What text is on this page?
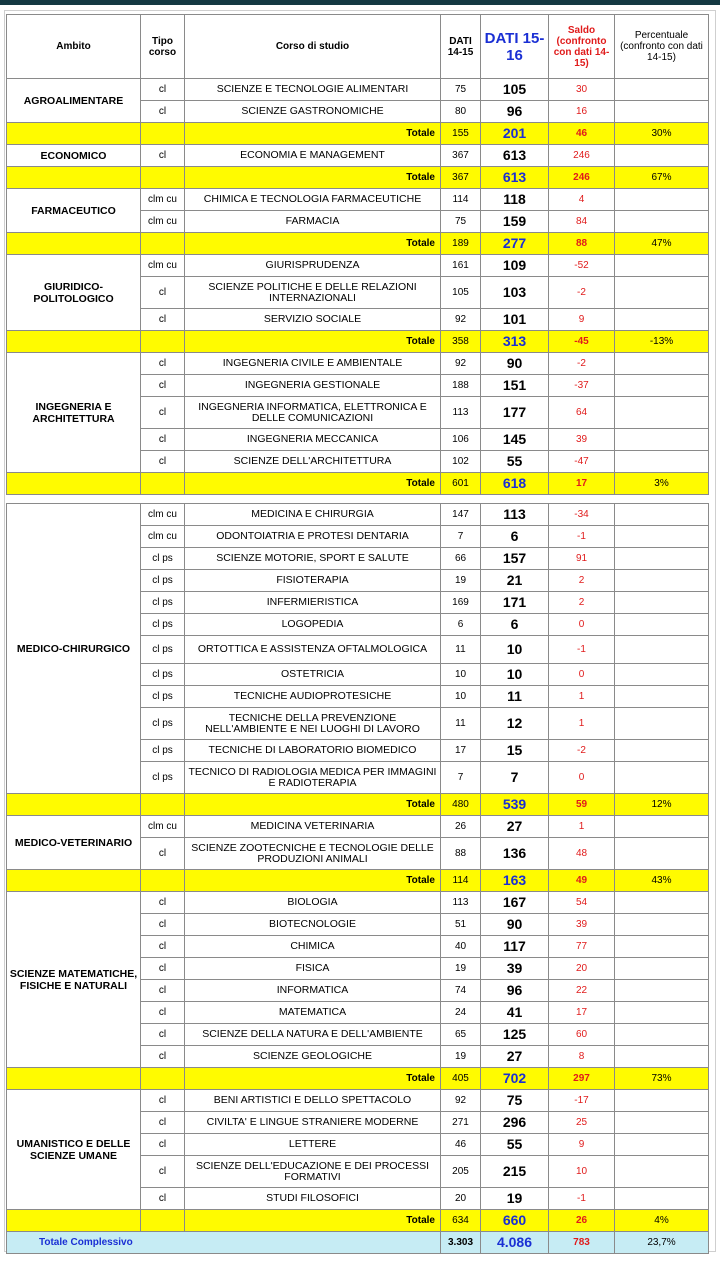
Ambito	Tipo corso	Corso di studio	DATI 14-15	DATI 15-16	Saldo (confronto con dati 14-15)	Percentuale (confronto con dati 14-15)
AGROALIMENTARE	cl	SCIENZE E TECNOLOGIE ALIMENTARI	75	105	30	
	cl	SCIENZE GASTRONOMICHE	80	96	16	
		Totale	155	201	46	30%
ECONOMICO	cl	ECONOMIA E MANAGEMENT	367	613	246	
		Totale	367	613	246	67%
FARMACEUTICO	clm cu	CHIMICA E TECNOLOGIA FARMACEUTICHE	114	118	4	
	clm cu	FARMACIA	75	159	84	
		Totale	189	277	88	47%
GIURIDICO-POLITOLOGICO	clm cu	GIURISPRUDENZA	161	109	-52	
	cl	SCIENZE POLITICHE E DELLE RELAZIONI INTERNAZIONALI	105	103	-2	
	cl	SERVIZIO SOCIALE	92	101	9	
		Totale	358	313	-45	-13%
INGEGNERIA E ARCHITETTURA	cl	INGEGNERIA CIVILE E AMBIENTALE	92	90	-2	
	cl	INGEGNERIA GESTIONALE	188	151	-37	
	cl	INGEGNERIA INFORMATICA, ELETTRONICA E DELLE COMUNICAZIONI	113	177	64	
	cl	INGEGNERIA MECCANICA	106	145	39	
	cl	SCIENZE DELL'ARCHITETTURA	102	55	-47	
		Totale	601	618	17	3%
MEDICO-CHIRURGICO	clm cu	MEDICINA E CHIRURGIA	147	113	-34	
	clm cu	ODONTOIATRIA E PROTESI DENTARIA	7	6	-1	
	cl ps	SCIENZE MOTORIE, SPORT E SALUTE	66	157	91	
	cl ps	FISIOTERAPIA	19	21	2	
	cl ps	INFERMIERISTICA	169	171	2	
	cl ps	LOGOPEDIA	6	6	0	
	cl ps	ORTOTTICA E ASSISTENZA OFTALMOLOGICA	11	10	-1	
	cl ps	OSTETRICIA	10	10	0	
	cl ps	TECNICHE AUDIOPROTESICHE	10	11	1	
	cl ps	TECNICHE DELLA PREVENZIONE NELL'AMBIENTE E NEI LUOGHI DI LAVORO	11	12	1	
	cl ps	TECNICHE DI LABORATORIO BIOMEDICO	17	15	-2	
	cl ps	TECNICO DI RADIOLOGIA MEDICA PER IMMAGINI E RADIOTERAPIA	7	7	0	
		Totale	480	539	59	12%
MEDICO-VETERINARIO	clm cu	MEDICINA VETERINARIA	26	27	1	
	cl	SCIENZE ZOOTECNICHE E TECNOLOGIE DELLE PRODUZIONI ANIMALI	88	136	48	
		Totale	114	163	49	43%
SCIENZE MATEMATICHE, FISICHE E NATURALI	cl	BIOLOGIA	113	167	54	
	cl	BIOTECNOLOGIE	51	90	39	
	cl	CHIMICA	40	117	77	
	cl	FISICA	19	39	20	
	cl	INFORMATICA	74	96	22	
	cl	MATEMATICA	24	41	17	
	cl	SCIENZE DELLA NATURA E DELL'AMBIENTE	65	125	60	
	cl	SCIENZE GEOLOGICHE	19	27	8	
		Totale	405	702	297	73%
UMANISTICO E DELLE SCIENZE UMANE	cl	BENI ARTISTICI E DELLO SPETTACOLO	92	75	-17	
	cl	CIVILTA' E LINGUE STRANIERE MODERNE	271	296	25	
	cl	LETTERE	46	55	9	
	cl	SCIENZE DELL'EDUCAZIONE E DEI PROCESSI FORMATIVI	205	215	10	
	cl	STUDI FILOSOFICI	20	19	-1	
		Totale	634	660	26	4%
Totale Complessivo			3.303	4.086	783	23,7%
